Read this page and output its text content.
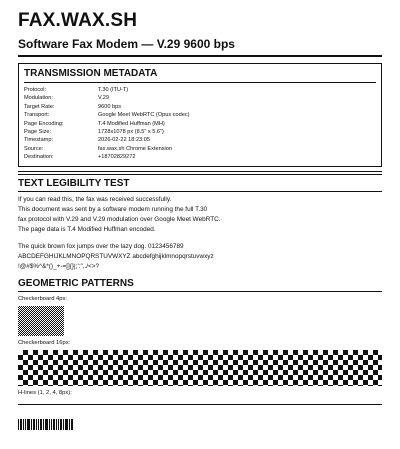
FAX.WAX.SH
Software Fax Modem — V.29 9600 bps
TRANSMISSION METADATA
Protocol:	T.30 (ITU-T)
Modulation:	V.29
Target Rate:	9600 bps
Transport:	Google Meet WebRTC (Opus codec)
Page Encoding:	T.4 Modified Huffman (MH)
Page Size:	1728x1078 px (8.5" x 5.6")
Timestamp:	2026-02-22 18:23:05
Source:	fax.wax.sh Chrome Extension
Destination:	+18702829272
TEXT LEGIBILITY TEST

If you can read this, the fax was received successfully.

This document was sent by a software modem running the full T.30

fax protocol with V.29 and V.29 modulation over Google Meet WebRTC.

The page data is T.4 Modified Huffman encoded.

The quick brown fox jumps over the lazy dog. 0123456789
ABCDEFGHIJKLMNOPQRSTUVWXYZ abcdefghijklmnopqrstuvwxyz
!@#$%^&*()_+-=[]{}|;':",./<>?
GEOMETRIC PATTERNS
Checkerboard 4px:
Checkerboard 16px:
H-lines (1, 2, 4, 8px):
